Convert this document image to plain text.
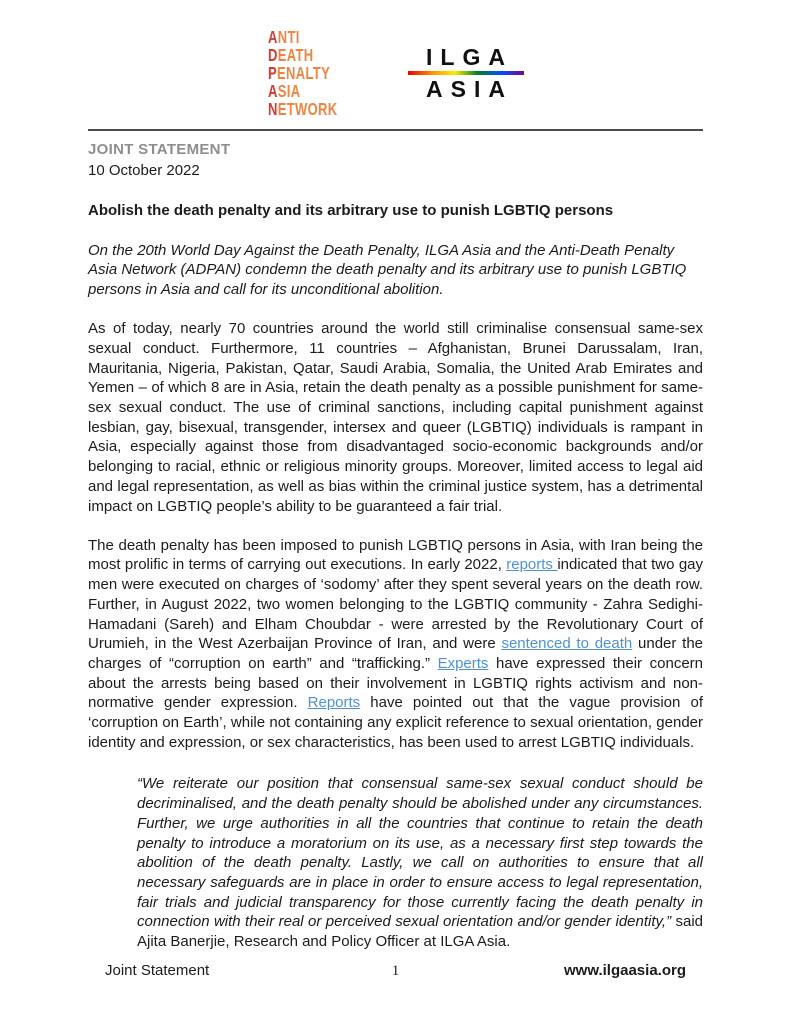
ANTI
DEATH
PENALTY
ASIA
NETWORK
ILGA
ASIA
JOINT STATEMENT
10 October 2022
Abolish the death penalty and its arbitrary use to punish LGBTIQ persons

On the 20th World Day Against the Death Penalty, ILGA Asia and the Anti-Death Penalty Asia Network (ADPAN) condemn the death penalty and its arbitrary use to punish LGBTIQ persons in Asia and call for its unconditional abolition.

As of today, nearly 70 countries around the world still criminalise consensual same-sex sexual conduct. Furthermore, 11 countries – Afghanistan, Brunei Darussalam, Iran, Mauritania, Nigeria, Pakistan, Qatar, Saudi Arabia, Somalia, the United Arab Emirates and Yemen – of which 8 are in Asia, retain the death penalty as a possible punishment for same-sex sexual conduct. The use of criminal sanctions, including capital punishment against lesbian, gay, bisexual, transgender, intersex and queer (LGBTIQ) individuals is rampant in Asia, especially against those from disadvantaged socio-economic backgrounds and/or belonging to racial, ethnic or religious minority groups. Moreover, limited access to legal aid and legal representation, as well as bias within the criminal justice system, has a detrimental impact on LGBTIQ people’s ability to be guaranteed a fair trial.

The death penalty has been imposed to punish LGBTIQ persons in Asia, with Iran being the most prolific in terms of carrying out executions. In early 2022, reports indicated that two gay men were executed on charges of ‘sodomy’ after they spent several years on the death row. Further, in August 2022, two women belonging to the LGBTIQ community - Zahra Sedighi-Hamadani (Sareh) and Elham Choubdar - were arrested by the Revolutionary Court of Urumieh, in the West Azerbaijan Province of Iran, and were sentenced to death under the charges of “corruption on earth” and “trafficking.” Experts have expressed their concern about the arrests being based on their involvement in LGBTIQ rights activism and non-normative gender expression. Reports have pointed out that the vague provision of ‘corruption on Earth’, while not containing any explicit reference to sexual orientation, gender identity and expression, or sex characteristics, has been used to arrest LGBTIQ individuals.

“We reiterate our position that consensual same-sex sexual conduct should be decriminalised, and the death penalty should be abolished under any circumstances. Further, we urge authorities in all the countries that continue to retain the death penalty to introduce a moratorium on its use, as a necessary first step towards the abolition of the death penalty. Lastly, we call on authorities to ensure that all necessary safeguards are in place in order to ensure access to legal representation, fair trials and judicial transparency for those currently facing the death penalty in connection with their real or perceived sexual orientation and/or gender identity,” said Ajita Banerjie, Research and Policy Officer at ILGA Asia.
Joint Statement	1	www.ilgaasia.org
